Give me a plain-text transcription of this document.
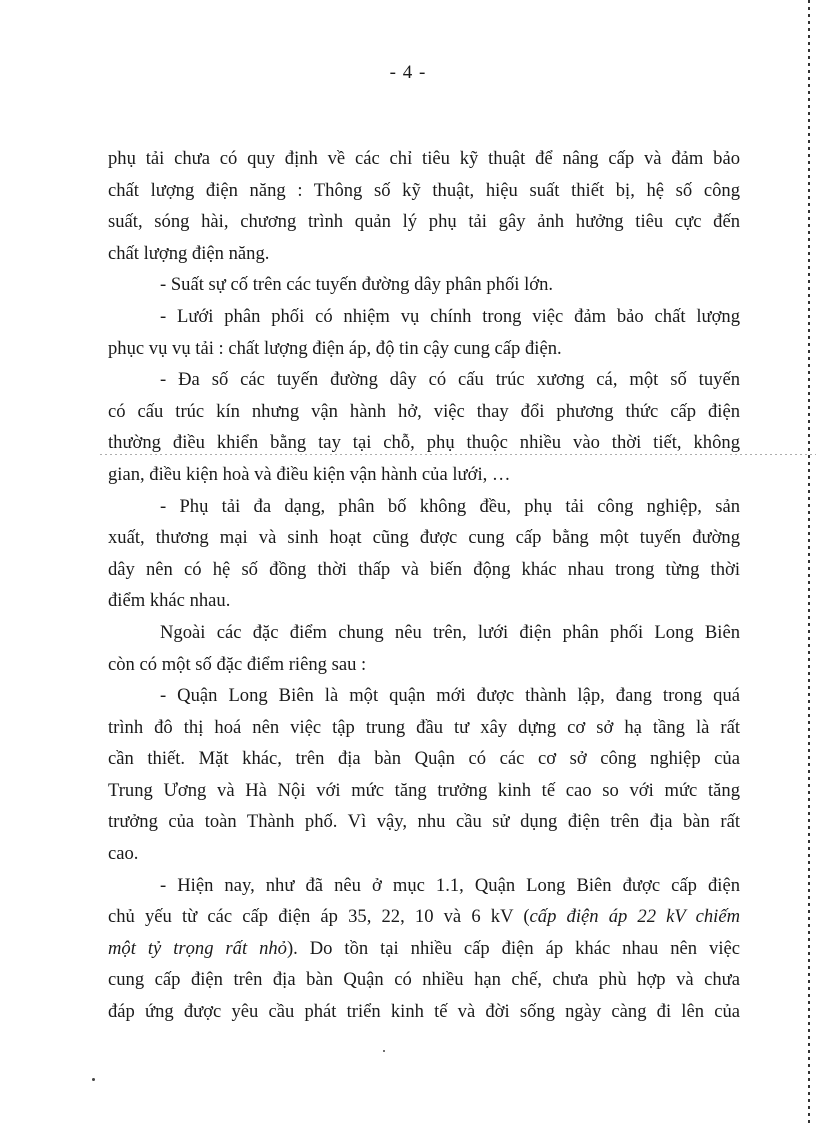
- 4 -

phụ tải chưa có quy định về các chỉ tiêu kỹ thuật để nâng cấp và đảm bảo
chất lượng điện năng : Thông số kỹ thuật, hiệu suất thiết bị, hệ số công
suất, sóng hài, chương trình quản lý phụ tải gây ảnh hưởng tiêu cực đến
chất lượng điện năng.

- Suất sự cố trên các tuyến đường dây phân phối lớn.

- Lưới phân phối có nhiệm vụ chính trong việc đảm bảo chất lượng
phục vụ vụ tải : chất lượng điện áp, độ tin cậy cung cấp điện.

- Đa số các tuyến đường dây có cấu trúc xương cá, một số tuyến
có cấu trúc kín nhưng vận hành hở, việc thay đổi phương thức cấp điện
thường điều khiển bằng tay tại chỗ, phụ thuộc nhiều vào thời tiết, không
gian, điều kiện hoà và điều kiện vận hành của lưới, …

- Phụ tải đa dạng, phân bố không đều, phụ tải công nghiệp, sản
xuất, thương mại và sinh hoạt cũng được cung cấp bằng một tuyến đường
dây nên có hệ số đồng thời thấp và biến động khác nhau trong từng thời
điểm khác nhau.

Ngoài các đặc điểm chung nêu trên, lưới điện phân phối Long Biên
còn có một số đặc điểm riêng sau :

- Quận Long Biên là một quận mới được thành lập, đang trong quá
trình đô thị hoá nên việc tập trung đầu tư xây dựng cơ sở hạ tầng là rất
cần thiết. Mặt khác, trên địa bàn Quận có các cơ sở công nghiệp của
Trung Ương và Hà Nội với mức tăng trưởng kinh tế cao so với mức tăng
trưởng của toàn Thành phố. Vì vậy, nhu cầu sử dụng điện trên địa bàn rất
cao.

- Hiện nay, như đã nêu ở mục 1.1, Quận Long Biên được cấp điện
chủ yếu từ các cấp điện áp 35, 22, 10 và 6 kV (cấp điện áp 22 kV chiếm
một tỷ trọng rất nhỏ). Do tồn tại nhiều cấp điện áp khác nhau nên việc
cung cấp điện trên địa bàn Quận có nhiều hạn chế, chưa phù hợp và chưa
đáp ứng được yêu cầu phát triển kinh tế và đời sống ngày càng đi lên của
